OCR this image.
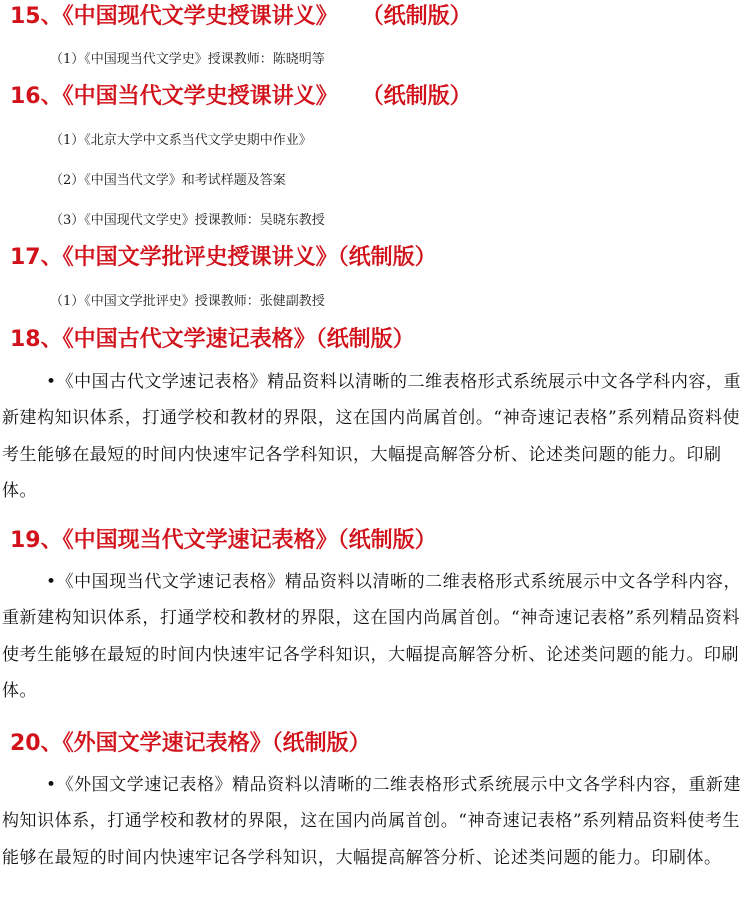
15、《中国现代文学史授课讲义》 （纸制版）

（1）《中国现当代文学史》授课教师：陈晓明等

16、《中国当代文学史授课讲义》 （纸制版）

（1）《北京大学中文系当代文学史期中作业》

（2）《中国当代文学》和考试样题及答案

（3）《中国现代文学史》授课教师：吴晓东教授

17、《中国文学批评史授课讲义》（纸制版）

（1）《中国文学批评史》授课教师：张健副教授

18、《中国古代文学速记表格》（纸制版）

•《中国古代文学速记表格》精品资料以清晰的二维表格形式系统展示中文各学科内容，重新建构知识体系，打通学校和教材的界限，这在国内尚属首创。“神奇速记表格”系列精品资料使考生能够在最短的时间内快速牢记各学科知识，大幅提高解答分析、论述类问题的能力。印刷体。

19、《中国现当代文学速记表格》（纸制版）

•《中国现当代文学速记表格》精品资料以清晰的二维表格形式系统展示中文各学科内容，重新建构知识体系，打通学校和教材的界限，这在国内尚属首创。“神奇速记表格”系列精品资料使考生能够在最短的时间内快速牢记各学科知识，大幅提高解答分析、论述类问题的能力。印刷体。

20、《外国文学速记表格》（纸制版）

•《外国文学速记表格》精品资料以清晰的二维表格形式系统展示中文各学科内容，重新建构知识体系，打通学校和教材的界限，这在国内尚属首创。“神奇速记表格”系列精品资料使考生能够在最短的时间内快速牢记各学科知识，大幅提高解答分析、论述类问题的能力。印刷体。
